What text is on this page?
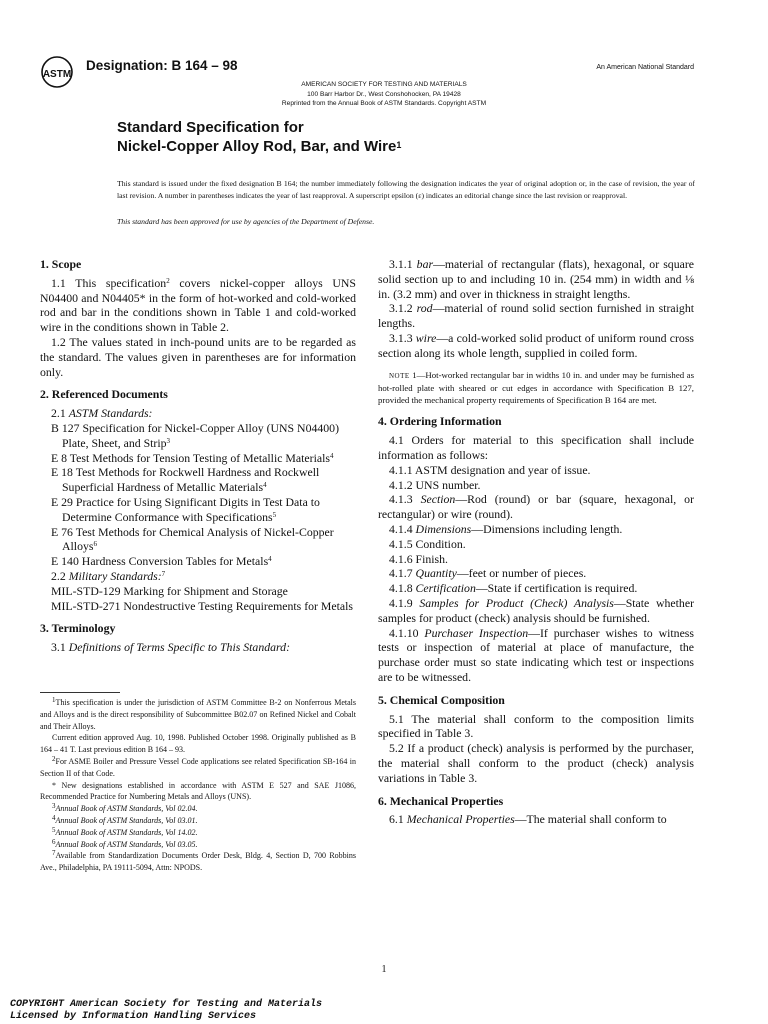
ASTM
Designation: B 164 – 98	An American National Standard
AMERICAN SOCIETY FOR TESTING AND MATERIALS
100 Barr Harbor Dr., West Conshohocken, PA 19428
Reprinted from the Annual Book of ASTM Standards. Copyright ASTM
Standard Specification for
Nickel-Copper Alloy Rod, Bar, and Wire$^1$
This standard is issued under the fixed designation B 164; the number immediately following the designation indicates the year of original adoption or, in the case of revision, the year of last revision. A number in parentheses indicates the year of last reapproval. A superscript epsilon (ε) indicates an editorial change since the last revision or reapproval.
This standard has been approved for use by agencies of the Department of Defense.
1. Scope
1.1 This specification$^2$ covers nickel-copper alloys UNS N04400 and N04405* in the form of hot-worked and cold-worked rod and bar in the conditions shown in Table 1 and cold-worked wire in the conditions shown in Table 2.
1.2 The values stated in inch-pound units are to be regarded as the standard. The values given in parentheses are for information only.
2. Referenced Documents
2.1 ASTM Standards:
B 127 Specification for Nickel-Copper Alloy (UNS N04400) Plate, Sheet, and Strip$^3$
E 8 Test Methods for Tension Testing of Metallic Materials$^4$
E 18 Test Methods for Rockwell Hardness and Rockwell Superficial Hardness of Metallic Materials$^4$
E 29 Practice for Using Significant Digits in Test Data to Determine Conformance with Specifications$^5$
E 76 Test Methods for Chemical Analysis of Nickel-Copper Alloys$^6$
E 140 Hardness Conversion Tables for Metals$^4$
2.2 Military Standards:$^7$
MIL-STD-129 Marking for Shipment and Storage
MIL-STD-271 Nondestructive Testing Requirements for Metals
3. Terminology
3.1 Definitions of Terms Specific to This Standard:
$^1$This specification is under the jurisdiction of ASTM Committee B-2 on Nonferrous Metals and Alloys and is the direct responsibility of Subcommittee B02.07 on Refined Nickel and Cobalt and Their Alloys.
Current edition approved Aug. 10, 1998. Published October 1998. Originally published as B 164 – 41 T. Last previous edition B 164 – 93.
$^2$For ASME Boiler and Pressure Vessel Code applications see related Specification SB-164 in Section II of that Code.
* New designations established in accordance with ASTM E 527 and SAE J1086, Recommended Practice for Numbering Metals and Alloys (UNS).
$^3$Annual Book of ASTM Standards, Vol 02.04.
$^4$Annual Book of ASTM Standards, Vol 03.01.
$^5$Annual Book of ASTM Standards, Vol 14.02.
$^6$Annual Book of ASTM Standards, Vol 03.05.
$^7$Available from Standardization Documents Order Desk, Bldg. 4, Section D, 700 Robbins Ave., Philadelphia, PA 19111-5094, Attn: NPODS.
3.1.1 bar—material of rectangular (flats), hexagonal, or square solid section up to and including 10 in. (254 mm) in width and ⅛ in. (3.2 mm) and over in thickness in straight lengths.
3.1.2 rod—material of round solid section furnished in straight lengths.
3.1.3 wire—a cold-worked solid product of uniform round cross section along its whole length, supplied in coiled form.
NOTE 1—Hot-worked rectangular bar in widths 10 in. and under may be furnished as hot-rolled plate with sheared or cut edges in accordance with Specification B 127, provided the mechanical property requirements of Specification B 164 are met.
4. Ordering Information
4.1 Orders for material to this specification shall include information as follows:
4.1.1 ASTM designation and year of issue.
4.1.2 UNS number.
4.1.3 Section—Rod (round) or bar (square, hexagonal, or rectangular) or wire (round).
4.1.4 Dimensions—Dimensions including length.
4.1.5 Condition.
4.1.6 Finish.
4.1.7 Quantity—feet or number of pieces.
4.1.8 Certification—State if certification is required.
4.1.9 Samples for Product (Check) Analysis—State whether samples for product (check) analysis should be furnished.
4.1.10 Purchaser Inspection—If purchaser wishes to witness tests or inspection of material at place of manufacture, the purchase order must so state indicating which test or inspections are to be witnessed.
5. Chemical Composition
5.1 The material shall conform to the composition limits specified in Table 3.
5.2 If a product (check) analysis is performed by the purchaser, the material shall conform to the product (check) analysis variations in Table 3.
6. Mechanical Properties
6.1 Mechanical Properties—The material shall conform to
1
COPYRIGHT American Society for Testing and Materials
Licensed by Information Handling Services
